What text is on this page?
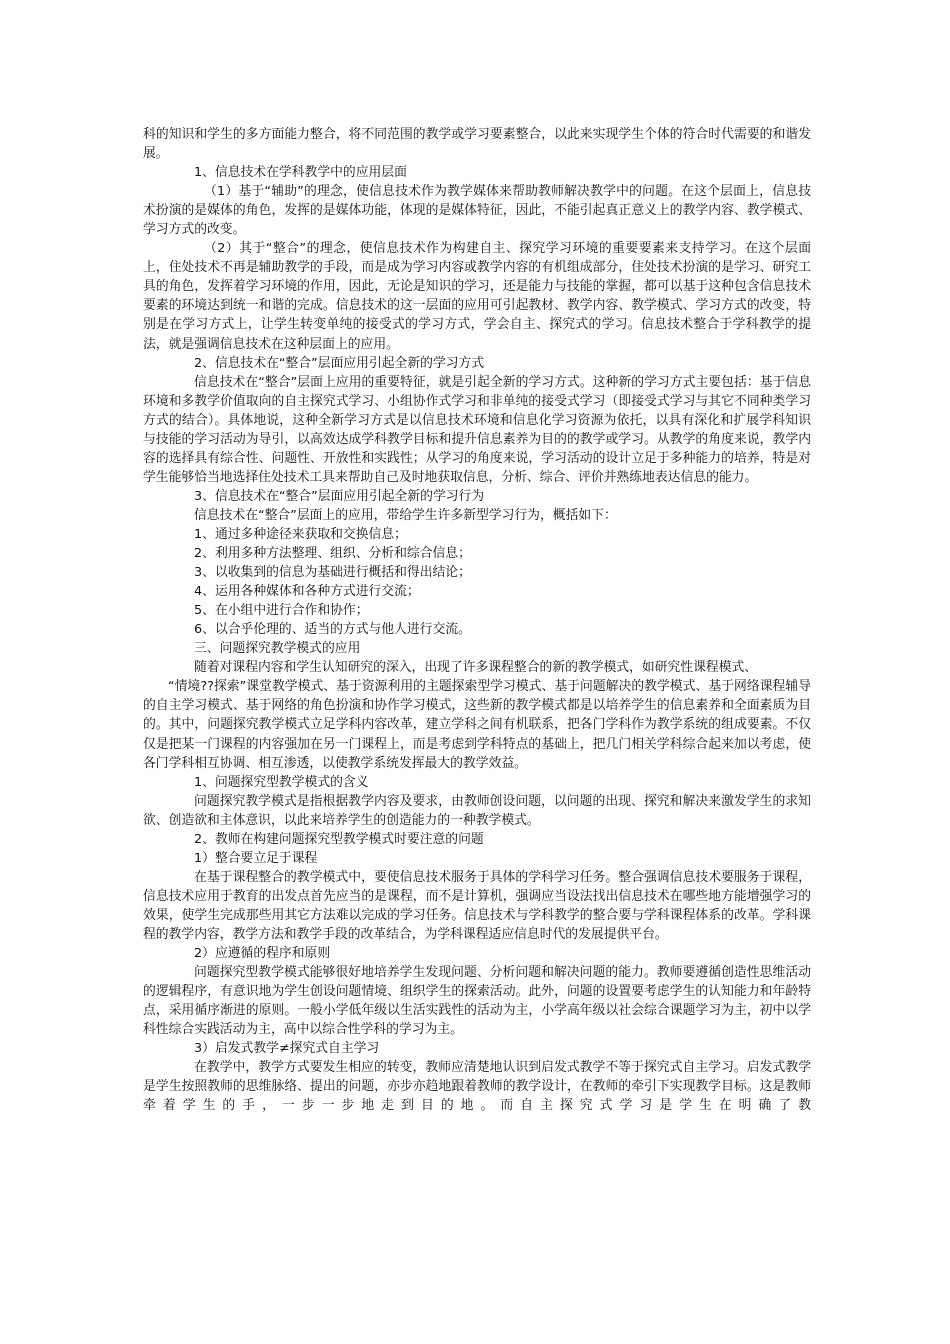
科的知识和学生的多方面能力整合，将不同范围的教学或学习要素整合，以此来实现学生个体的符合时代需要的和谐发展。

1、信息技术在学科教学中的应用层面

（1）基于“辅助”的理念，使信息技术作为教学媒体来帮助教师解决教学中的问题。在这个层面上，信息技术扮演的是媒体的角色，发挥的是媒体功能，体现的是媒体特征，因此，不能引起真正意义上的教学内容、教学模式、学习方式的改变。

（2）其于“整合”的理念，使信息技术作为构建自主、探究学习环境的重要要素来支持学习。在这个层面上，住处技术不再是辅助教学的手段，而是成为学习内容或教学内容的有机组成部分，住处技术扮演的是学习、研究工具的角色，发挥着学习环境的作用，因此，无论是知识的学习，还是能力与技能的掌握，都可以基于这种包含信息技术要素的环境达到统一和谐的完成。信息技术的这一层面的应用可引起教材、教学内容、教学模式、学习方式的改变，特别是在学习方式上，让学生转变单纯的接受式的学习方式，学会自主、探究式的学习。信息技术整合于学科教学的提法，就是强调信息技术在这种层面上的应用。

2、信息技术在“整合”层面应用引起全新的学习方式

信息技术在“整合”层面上应用的重要特征，就是引起全新的学习方式。这种新的学习方式主要包括：基于信息环境和多教学价值取向的自主探究式学习、小组协作式学习和非单纯的接受式学习（即接受式学习与其它不同种类学习方式的结合）。具体地说，这种全新学习方式是以信息技术环境和信息化学习资源为依托，以具有深化和扩展学科知识与技能的学习活动为导引，以高效达成学科教学目标和提升信息素养为目的的教学或学习。从教学的角度来说，教学内容的选择具有综合性、问题性、开放性和实践性；从学习的角度来说，学习活动的设计立足于多种能力的培养，特是对学生能够恰当地选择住处技术工具来帮助自己及时地获取信息，分析、综合、评价并熟练地表达信息的能力。

3、信息技术在“整合”层面应用引起全新的学习行为

信息技术在“整合”层面上的应用，带给学生许多新型学习行为，概括如下：

1、通过多种途径来获取和交换信息；

2、利用多种方法整理、组织、分析和综合信息；

3、以收集到的信息为基础进行概括和得出结论；

4、运用各种媒体和各种方式进行交流；

5、在小组中进行合作和协作；

6、以合乎伦理的、适当的方式与他人进行交流。

三、问题探究教学模式的应用

随着对课程内容和学生认知研究的深入，出现了许多课程整合的新的教学模式，如研究性课程模式、

“情境??探索”课堂教学模式、基于资源利用的主题探索型学习模式、基于问题解决的教学模式、基于网络课程辅导的自主学习模式、基于网络的角色扮演和协作学习模式，这些新的教学模式都是以培养学生的信息素养和全面素质为目的。其中，问题探究教学模式立足学科内容改革，建立学科之间有机联系，把各门学科作为教学系统的组成要素。不仅仅是把某一门课程的内容强加在另一门课程上，而是考虑到学科特点的基础上，把几门相关学科综合起来加以考虑，使各门学科相互协调、相互渗透，以使教学系统发挥最大的教学效益。

1、问题探究型教学模式的含义

问题探究教学模式是指根据教学内容及要求，由教师创设问题，以问题的出现、探究和解决来激发学生的求知欲、创造欲和主体意识，以此来培养学生的创造能力的一种教学模式。

2、教师在构建问题探究型教学模式时要注意的问题

1）整合要立足于课程

在基于课程整合的教学模式中，要使信息技术服务于具体的学科学习任务。整合强调信息技术要服务于课程，信息技术应用于教育的出发点首先应当的是课程，而不是计算机，强调应当设法找出信息技术在哪些地方能增强学习的效果，使学生完成那些用其它方法难以完成的学习任务。信息技术与学科教学的整合要与学科课程体系的改革。学科课程的教学内容，教学方法和教学手段的改革结合，为学科课程适应信息时代的发展提供平台。

2）应遵循的程序和原则

问题探究型教学模式能够很好地培养学生发现问题、分析问题和解决问题的能力。教师要遵循创造性思维活动的逻辑程序，有意识地为学生创设问题情境、组织学生的探索活动。此外，问题的设置要考虑学生的认知能力和年龄特点，采用循序渐进的原则。一般小学低年级以生活实践性的活动为主，小学高年级以社会综合课题学习为主，初中以学科性综合实践活动为主，高中以综合性学科的学习为主。

3）启发式教学≠探究式自主学习

在教学中，教学方式要发生相应的转变，教师应清楚地认识到启发式教学不等于探究式自主学习。启发式教学是学生按照教师的思维脉络、提出的问题，亦步亦趋地跟着教师的教学设计，在教师的牵引下实现教学目标。这是教师牵着学生的手，一步一步地走到目的地。而自主探究式学习是学生在明确了教
